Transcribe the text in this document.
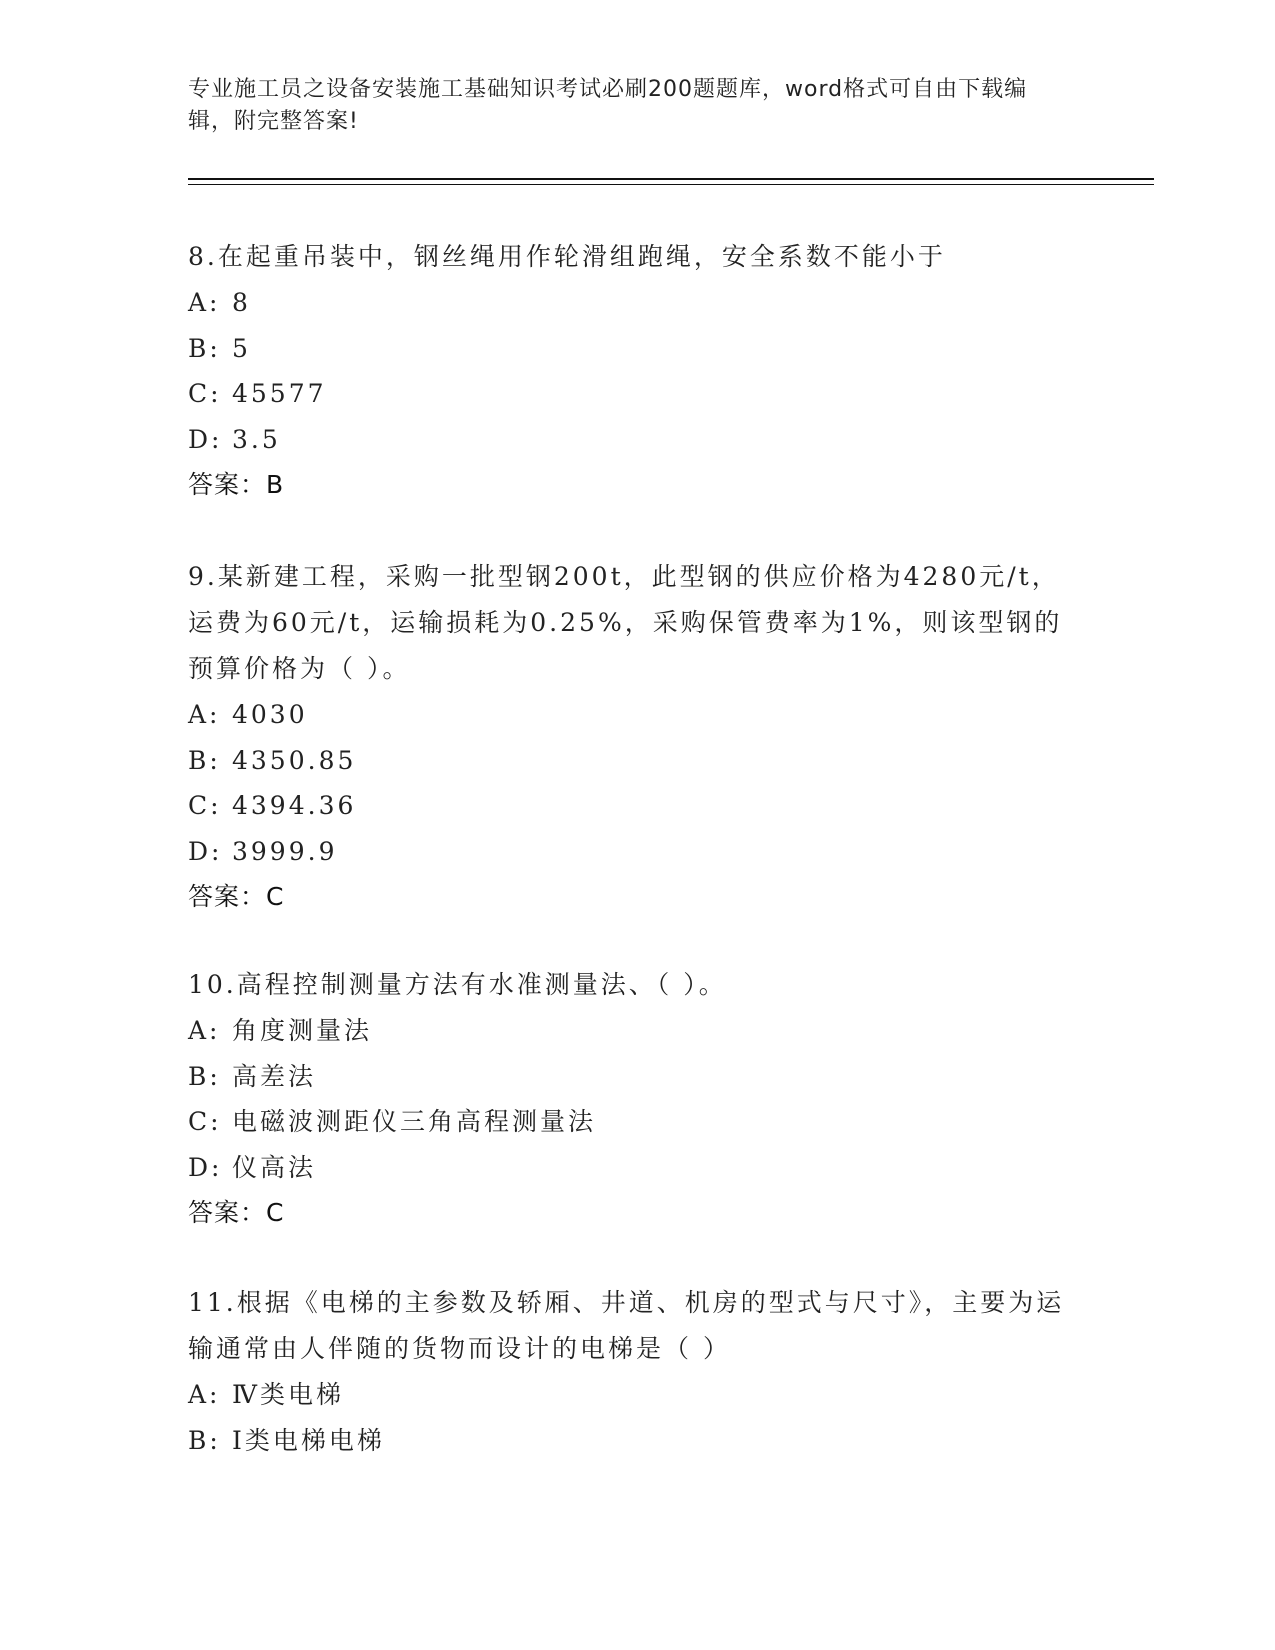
专业施工员之设备安装施工基础知识考试必刷200题题库，word格式可自由下载编辑，附完整答案!
8.在起重吊装中，钢丝绳用作轮滑组跑绳，安全系数不能小于
A: 8
B: 5
C: 45577
D: 3.5
答案：B
9.某新建工程，采购一批型钢200t，此型钢的供应价格为4280元/t，运费为60元/t，运输损耗为0.25%，采购保管费率为1%，则该型钢的预算价格为（ ）。
A: 4030
B: 4350.85
C: 4394.36
D: 3999.9
答案：C
10.高程控制测量方法有水准测量法、（ ）。
A: 角度测量法
B: 高差法
C: 电磁波测距仪三角高程测量法
D: 仪高法
答案：C
11.根据《电梯的主参数及轿厢、井道、机房的型式与尺寸》，主要为运输通常由人伴随的货物而设计的电梯是（ ）
A: Ⅳ类电梯
B: Ⅰ类电梯电梯
